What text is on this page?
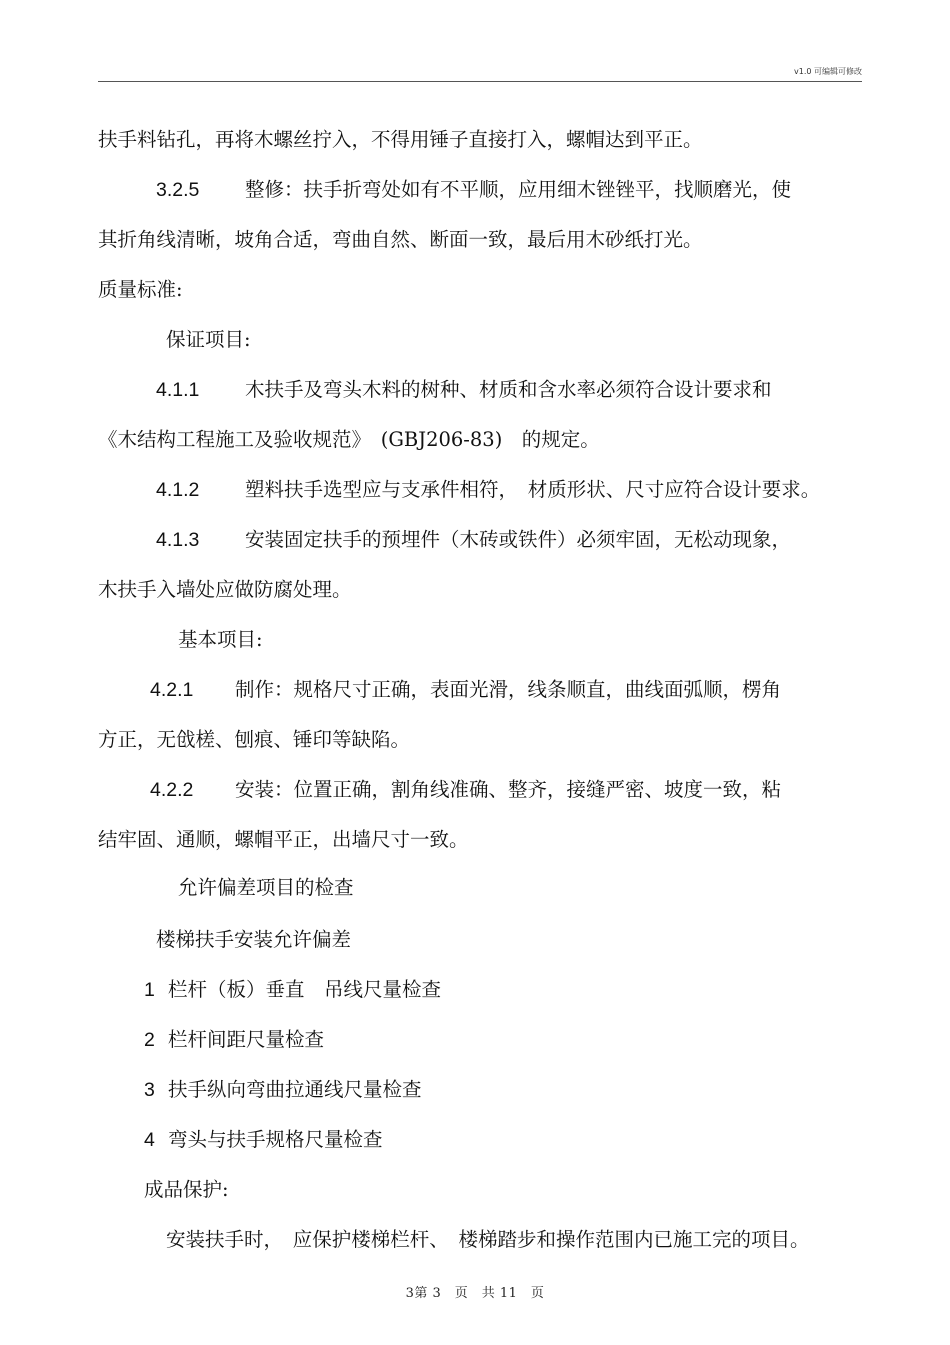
v1.0 可编辑可修改
扶手料钻孔，再将木螺丝拧入，不得用锤子直接打入，螺帽达到平正。
3.2.5 整修：扶手折弯处如有不平顺，应用细木锉锉平，找顺磨光，使
其折角线清晰，坡角合适，弯曲自然、断面一致，最后用木砂纸打光。
质量标准:
保证项目:
4.1.1 木扶手及弯头木料的树种、材质和含水率必须符合设计要求和
《木结构工程施工及验收规范》　(GBJ206-83)　的规定。
4.1.2 塑料扶手选型应与支承件相符，　材质形状、尺寸应符合设计要求。
4.1.3 安装固定扶手的预埋件（木砖或铁件）必须牢固，无松动现象，
木扶手入墙处应做防腐处理。
基本项目:
4.2.1 制作：规格尺寸正确，表面光滑，线条顺直，曲线面弧顺，楞角
方正，无戗槎、刨痕、锤印等缺陷。
4.2.2 安装：位置正确，割角线准确、整齐，接缝严密、坡度一致，粘
结牢固、通顺，螺帽平正，出墙尺寸一致。
允许偏差项目的检查
楼梯扶手安装允许偏差
1 栏杆（板）垂直　吊线尺量检查
2 栏杆间距尺量检查
3 扶手纵向弯曲拉通线尺量检查
4 弯头与扶手规格尺量检查
成品保护:
安装扶手时，　应保护楼梯栏杆、　楼梯踏步和操作范围内已施工完的项目。
3第 3　页　共 11　页
